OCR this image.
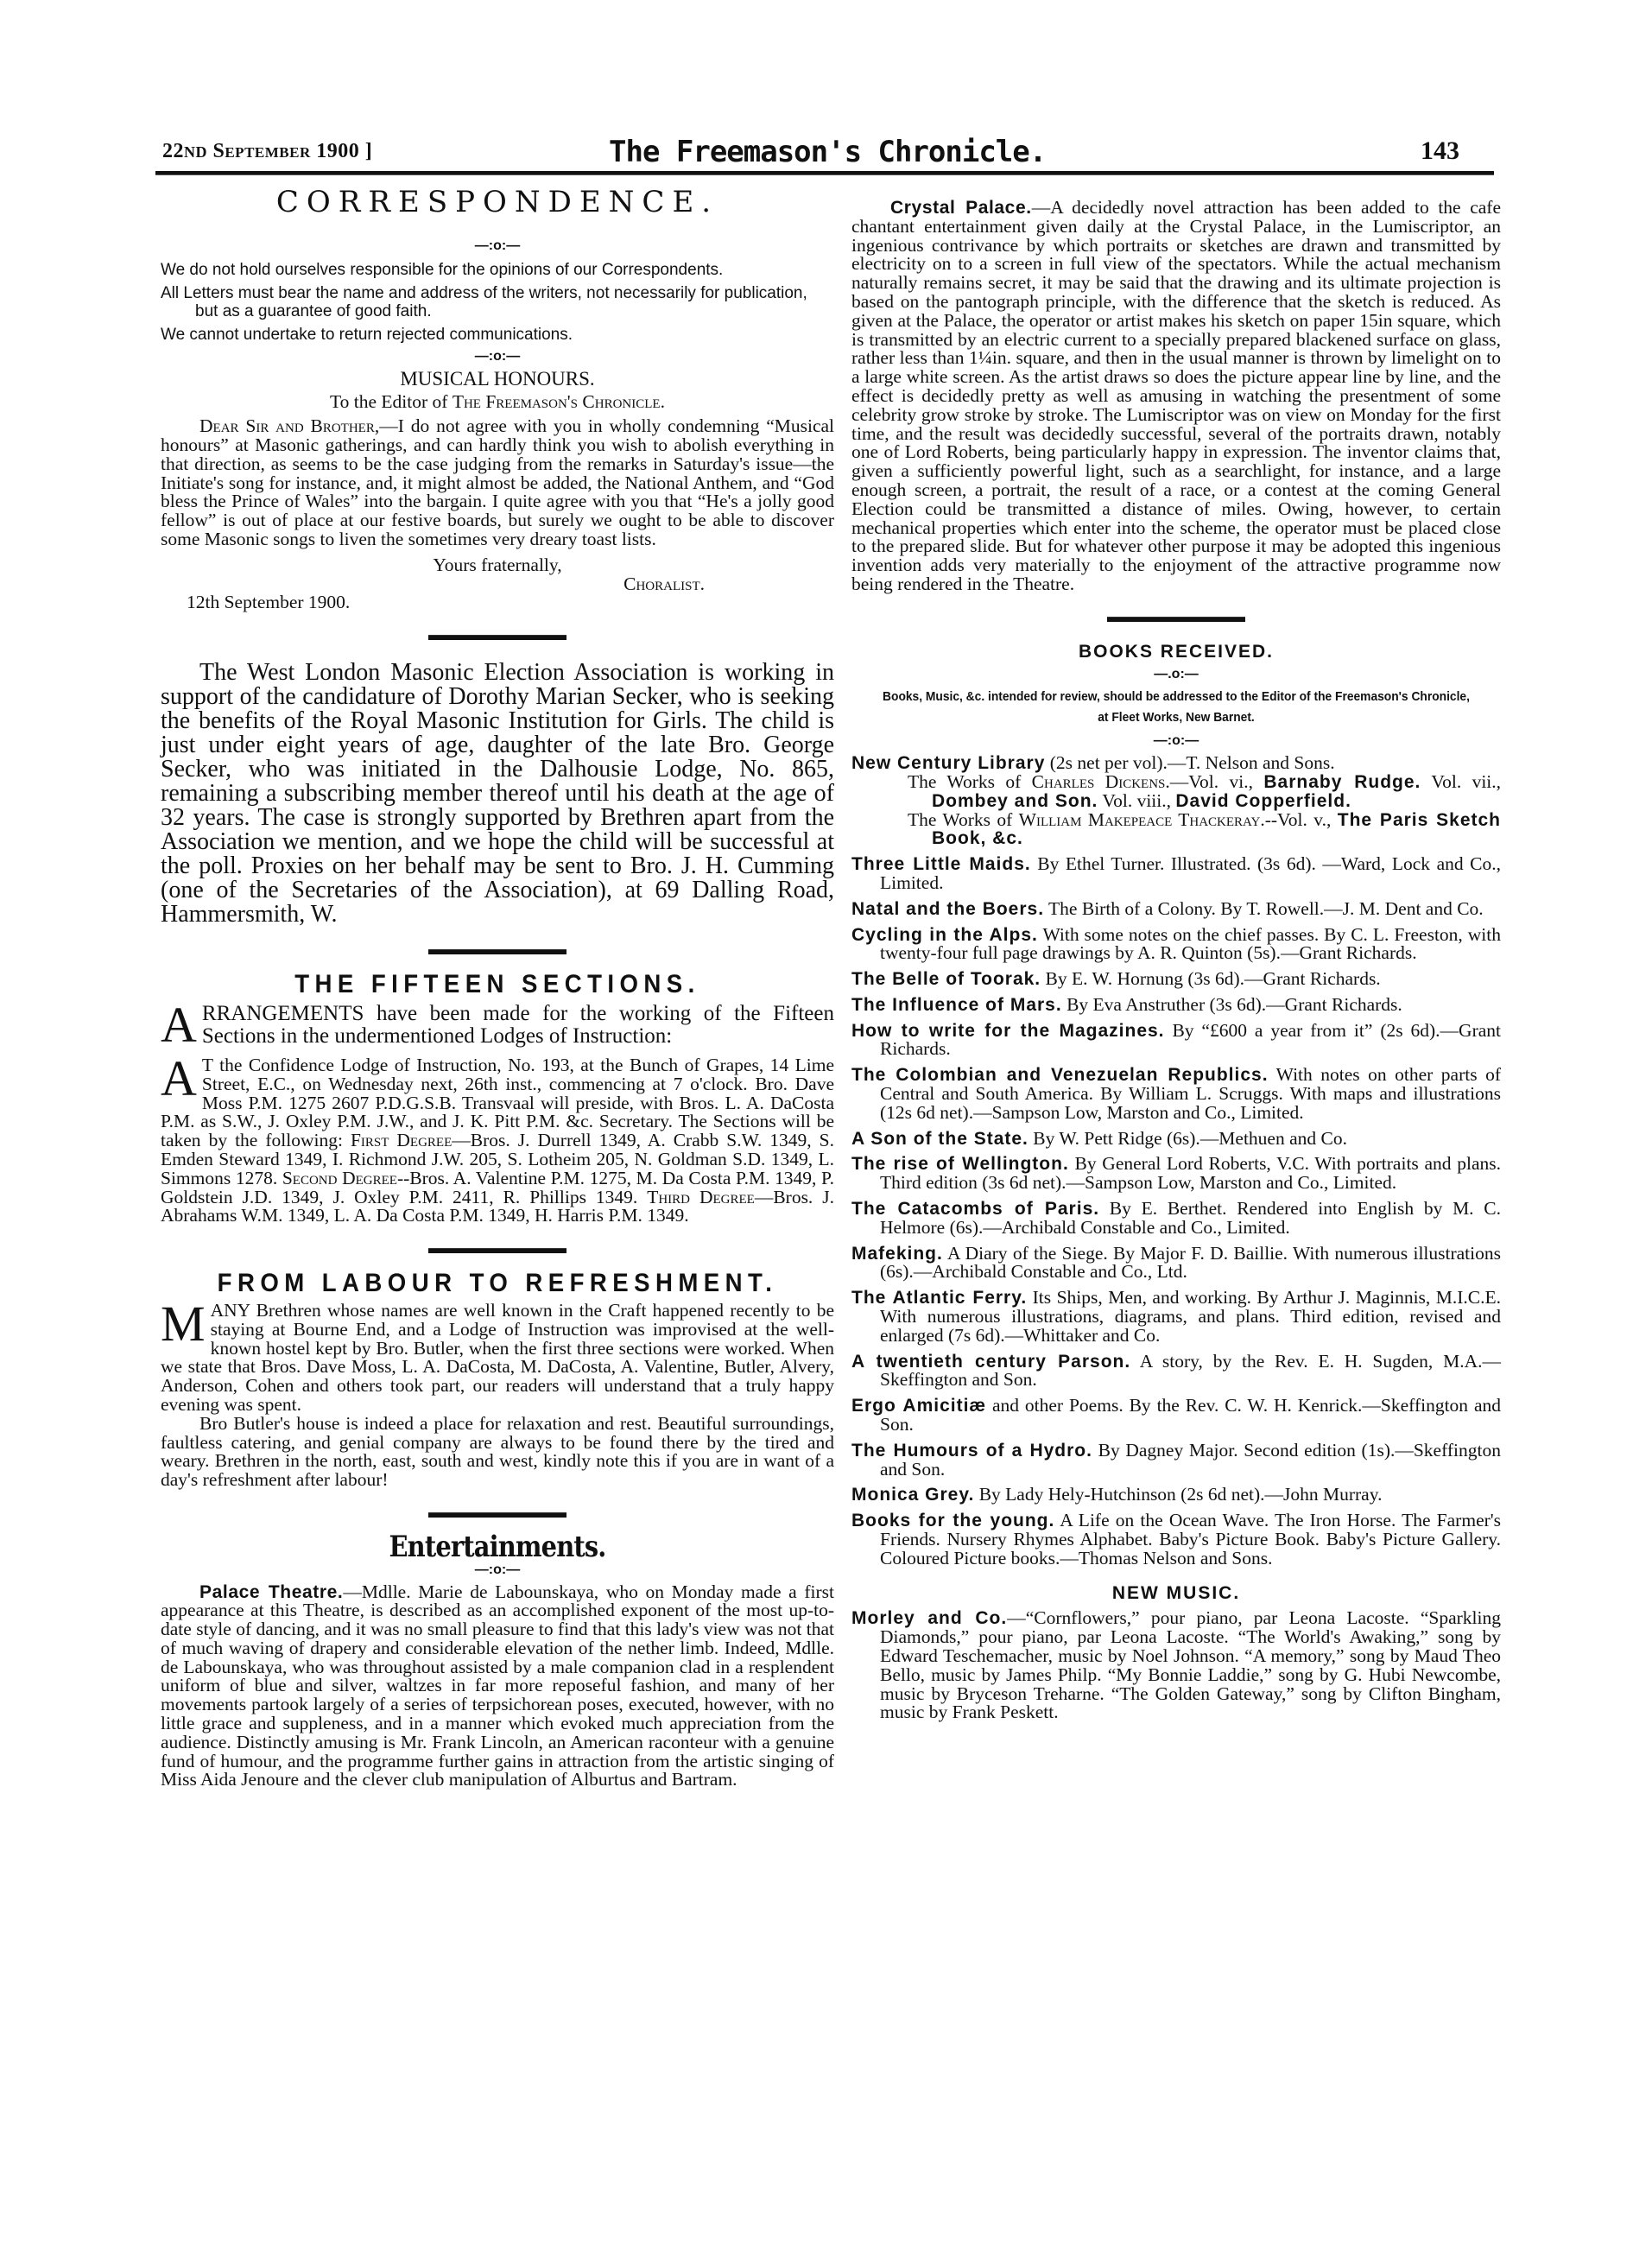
22ND September 1900 ]	The Freemason's Chronicle.	143
CORRESPONDENCE.
—:o:—

We do not hold ourselves responsible for the opinions of our Correspondents.

All Letters must bear the name and address of the writers, not necessarily for publication, but as a guarantee of good faith.

We cannot undertake to return rejected communications.

—:o:—
MUSICAL HONOURS.

To the Editor of The Freemason's Chronicle.

Dear Sir and Brother,—I do not agree with you in wholly condemning “Musical honours” at Masonic gatherings, and can hardly think you wish to abolish everything in that direction, as seems to be the case judging from the remarks in Saturday's issue—the Initiate's song for instance, and, it might almost be added, the National Anthem, and “God bless the Prince of Wales” into the bargain. I quite agree with you that “He's a jolly good fellow” is out of place at our festive boards, but surely we ought to be able to discover some Masonic songs to liven the sometimes very dreary toast lists.

Yours fraternally,

Choralist.

12th September 1900.

The West London Masonic Election Association is working in support of the candidature of Dorothy Marian Secker, who is seeking the benefits of the Royal Masonic Institution for Girls. The child is just under eight years of age, daughter of the late Bro. George Secker, who was initiated in the Dalhousie Lodge, No. 865, remaining a subscribing member thereof until his death at the age of 32 years. The case is strongly supported by Brethren apart from the Association we mention, and we hope the child will be successful at the poll. Proxies on her behalf may be sent to Bro. J. H. Cumming (one of the Secretaries of the Association), at 69 Dalling Road, Hammersmith, W.

THE FIFTEEN SECTIONS.

ARRANGEMENTS have been made for the working of the Fifteen Sections in the undermentioned Lodges of Instruction:

A T the Confidence Lodge of Instruction, No. 193, at the Bunch of Grapes, 14 Lime Street, E.C., on Wednesday next, 26th inst., commencing at 7 o'clock. Bro. Dave Moss P.M. 1275 2607 P.D.G.S.B. Transvaal will preside, with Bros. L. A. DaCosta P.M. as S.W., J. Oxley P.M. J.W., and J. K. Pitt P.M. &c. Secretary. The Sections will be taken by the following: First Degree—Bros. J. Durrell 1349, A. Crabb S.W. 1349, S. Emden Steward 1349, I. Richmond J.W. 205, S. Lotheim 205, N. Goldman S.D. 1349, L. Simmons 1278. Second Degree--Bros. A. Valentine P.M. 1275, M. Da Costa P.M. 1349, P. Goldstein J.D. 1349, J. Oxley P.M. 2411, R. Phillips 1349. Third Degree—Bros. J. Abrahams W.M. 1349, L. A. Da Costa P.M. 1349, H. Harris P.M. 1349.

FROM LABOUR TO REFRESHMENT.

MANY Brethren whose names are well known in the Craft happened recently to be staying at Bourne End, and a Lodge of Instruction was improvised at the well-known hostel kept by Bro. Butler, when the first three sections were worked. When we state that Bros. Dave Moss, L. A. DaCosta, M. DaCosta, A. Valentine, Butler, Alvery, Anderson, Cohen and others took part, our readers will understand that a truly happy evening was spent.

Bro Butler's house is indeed a place for relaxation and rest. Beautiful surroundings, faultless catering, and genial company are always to be found there by the tired and weary. Brethren in the north, east, south and west, kindly note this if you are in want of a day's refreshment after labour!

Entertainments.
—:o:—

Palace Theatre.—Mdlle. Marie de Labounskaya, who on Monday made a first appearance at this Theatre, is described as an accomplished exponent of the most up-to-date style of dancing, and it was no small pleasure to find that this lady's view was not that of much waving of drapery and considerable elevation of the nether limb. Indeed, Mdlle. de Labounskaya, who was throughout assisted by a male companion clad in a resplendent uniform of blue and silver, waltzes in far more reposeful fashion, and many of her movements partook largely of a series of terpsichorean poses, executed, however, with no little grace and suppleness, and in a manner which evoked much appreciation from the audience. Distinctly amusing is Mr. Frank Lincoln, an American raconteur with a genuine fund of humour, and the programme further gains in attraction from the artistic singing of Miss Aida Jenoure and the clever club manipulation of Alburtus and Bartram.

Crystal Palace.—A decidedly novel attraction has been added to the cafe chantant entertainment given daily at the Crystal Palace, in the Lumiscriptor, an ingenious contrivance by which portraits or sketches are drawn and transmitted by electricity on to a screen in full view of the spectators. While the actual mechanism naturally remains secret, it may be said that the drawing and its ultimate projection is based on the pantograph principle, with the difference that the sketch is reduced. As given at the Palace, the operator or artist makes his sketch on paper 15in square, which is transmitted by an electric current to a specially prepared blackened surface on glass, rather less than 1¼in. square, and then in the usual manner is thrown by limelight on to a large white screen. As the artist draws so does the picture appear line by line, and the effect is decidedly pretty as well as amusing in watching the presentment of some celebrity grow stroke by stroke. The Lumiscriptor was on view on Monday for the first time, and the result was decidedly successful, several of the portraits drawn, notably one of Lord Roberts, being particularly happy in expression. The inventor claims that, given a sufficiently powerful light, such as a searchlight, for instance, and a large enough screen, a portrait, the result of a race, or a contest at the coming General Election could be transmitted a distance of miles. Owing, however, to certain mechanical properties which enter into the scheme, the operator must be placed close to the prepared slide. But for whatever other purpose it may be adopted this ingenious invention adds very materially to the enjoyment of the attractive programme now being rendered in the Theatre.

BOOKS RECEIVED.
—.o:—

Books, Music, &c. intended for review, should be addressed to the Editor of the Freemason's Chronicle, at Fleet Works, New Barnet.

—:o:—
New Century Library (2s net per vol).—T. Nelson and Sons.

The Works of Charles Dickens.—Vol. vi., Barnaby Rudge. Vol. vii., Dombey and Son. Vol. viii., David Copperfield.

The Works of William Makepeace Thackeray.--Vol. v., The Paris Sketch Book, &c.

Three Little Maids. By Ethel Turner. Illustrated. (3s 6d). —Ward, Lock and Co., Limited.

Natal and the Boers. The Birth of a Colony. By T. Rowell.—J. M. Dent and Co.

Cycling in the Alps. With some notes on the chief passes. By C. L. Freeston, with twenty-four full page drawings by A. R. Quinton (5s).—Grant Richards.

The Belle of Toorak. By E. W. Hornung (3s 6d).—Grant Richards.

The Influence of Mars. By Eva Anstruther (3s 6d).—Grant Richards.

How to write for the Magazines. By “£600 a year from it” (2s 6d).—Grant Richards.

The Colombian and Venezuelan Republics. With notes on other parts of Central and South America. By William L. Scruggs. With maps and illustrations (12s 6d net).—Sampson Low, Marston and Co., Limited.

A Son of the State. By W. Pett Ridge (6s).—Methuen and Co.

The rise of Wellington. By General Lord Roberts, V.C. With portraits and plans. Third edition (3s 6d net).—Sampson Low, Marston and Co., Limited.

The Catacombs of Paris. By E. Berthet. Rendered into English by M. C. Helmore (6s).—Archibald Constable and Co., Limited.

Mafeking. A Diary of the Siege. By Major F. D. Baillie. With numerous illustrations (6s).—Archibald Constable and Co., Ltd.

The Atlantic Ferry. Its Ships, Men, and working. By Arthur J. Maginnis, M.I.C.E. With numerous illustrations, diagrams, and plans. Third edition, revised and enlarged (7s 6d).—Whittaker and Co.

A twentieth century Parson. A story, by the Rev. E. H. Sugden, M.A.—Skeffington and Son.

Ergo Amicitiæ and other Poems. By the Rev. C. W. H. Kenrick.—Skeffington and Son.

The Humours of a Hydro. By Dagney Major. Second edition (1s).—Skeffington and Son.

Monica Grey. By Lady Hely-Hutchinson (2s 6d net).—John Murray.

Books for the young. A Life on the Ocean Wave. The Iron Horse. The Farmer's Friends. Nursery Rhymes Alphabet. Baby's Picture Book. Baby's Picture Gallery. Coloured Picture books.—Thomas Nelson and Sons.

NEW MUSIC.

Morley and Co.—“Cornflowers,” pour piano, par Leona Lacoste. “Sparkling Diamonds,” pour piano, par Leona Lacoste. “The World's Awaking,” song by Edward Teschemacher, music by Noel Johnson. “A memory,” song by Maud Theo Bello, music by James Philp. “My Bonnie Laddie,” song by G. Hubi Newcombe, music by Bryceson Treharne. “The Golden Gateway,” song by Clifton Bingham, music by Frank Peskett.
